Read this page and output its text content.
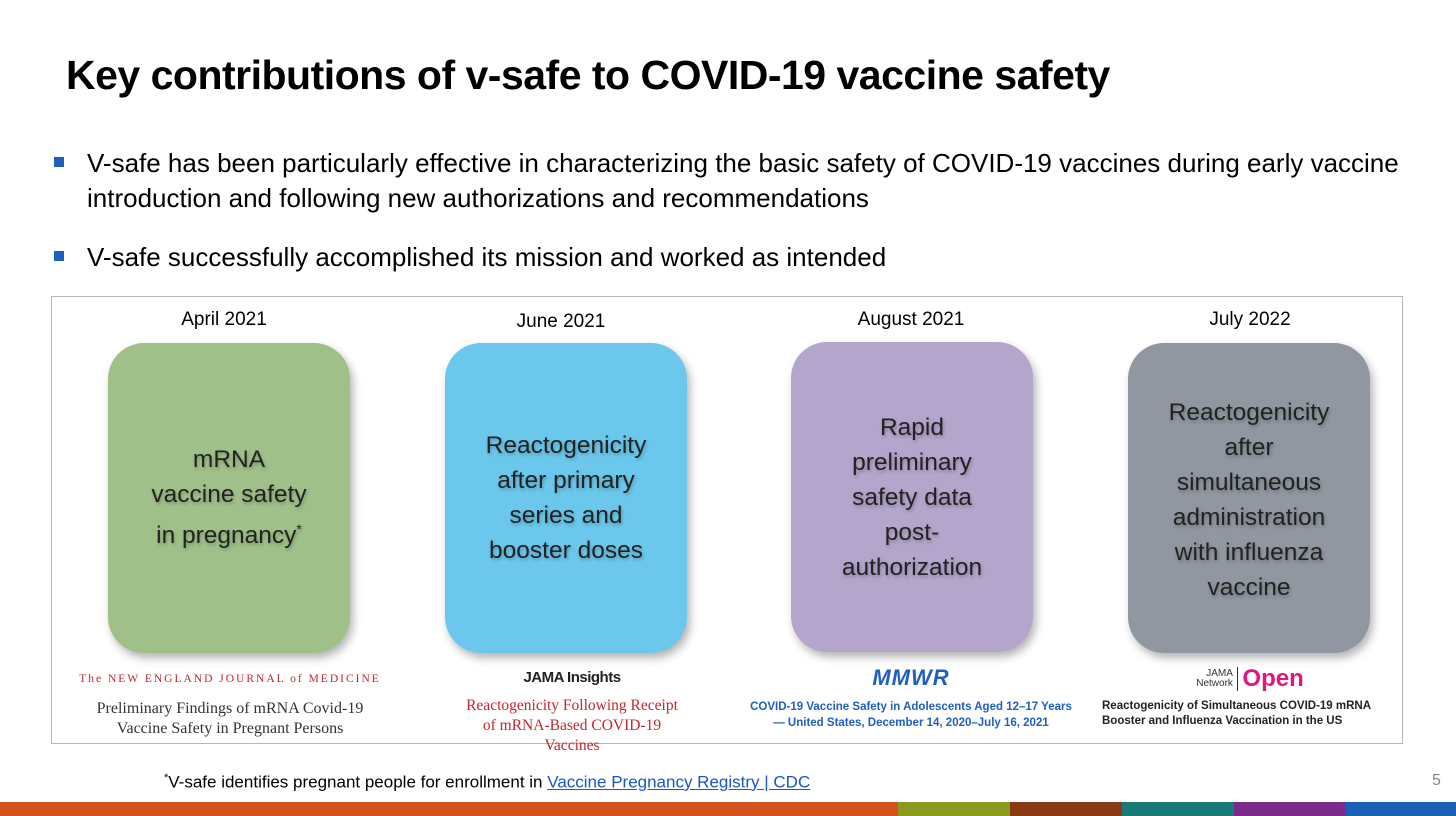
Key contributions of v-safe to COVID-19 vaccine safety
V-safe has been particularly effective in characterizing the basic safety of COVID-19 vaccines during early vaccine introduction and following new authorizations and recommendations
V-safe successfully accomplished its mission and worked as intended
April 2021	June 2021	August 2021	July 2022
mRNA vaccine safety in pregnancy*
Reactogenicity after primary series and booster doses
Rapid preliminary safety data post-authorization
Reactogenicity after simultaneous administration with influenza vaccine
The NEW ENGLAND JOURNAL of MEDICINE
Preliminary Findings of mRNA Covid-19 Vaccine Safety in Pregnant Persons
JAMA Insights
Reactogenicity Following Receipt of mRNA-Based COVID-19 Vaccines
MMWR
COVID-19 Vaccine Safety in Adolescents Aged 12–17 Years — United States, December 14, 2020–July 16, 2021
JAMA
Network Open
Reactogenicity of Simultaneous COVID-19 mRNA Booster and Influenza Vaccination in the US
*V-safe identifies pregnant people for enrollment in Vaccine Pregnancy Registry | CDC	5
